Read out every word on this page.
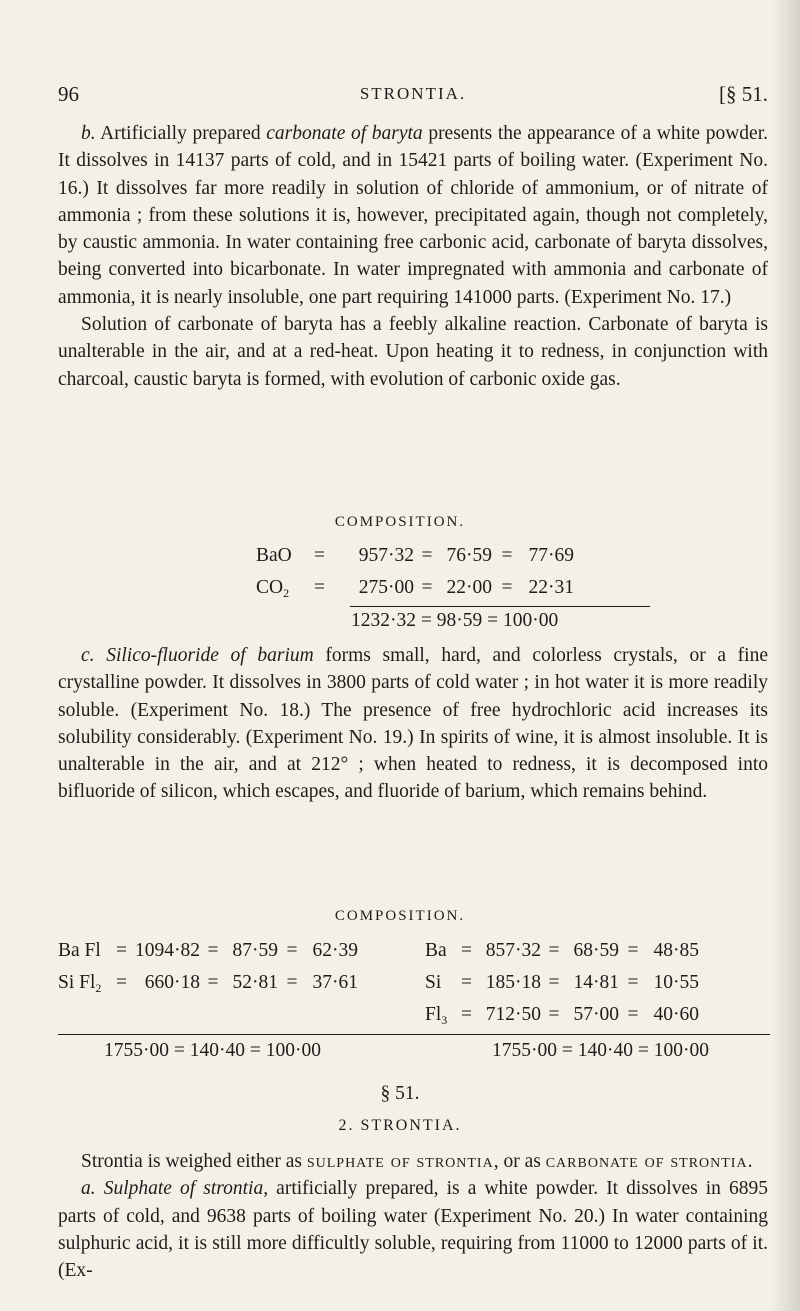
96	STRONTIA.	[§ 51.

b. Artificially prepared carbonate of baryta presents the appearance of a white powder. It dissolves in 14137 parts of cold, and in 15421 parts of boiling water. (Experiment No. 16.) It dissolves far more readily in solution of chloride of ammonium, or of nitrate of ammonia ; from these solutions it is, however, precipitated again, though not completely, by caustic ammonia. In water containing free carbonic acid, carbonate of baryta dissolves, being converted into bicarbonate. In water impregnated with ammonia and carbonate of ammonia, it is nearly insoluble, one part requiring 141000 parts. (Experiment No. 17.)

Solution of carbonate of baryta has a feebly alkaline reaction. Carbonate of baryta is unalterable in the air, and at a red-heat. Upon heating it to redness, in conjunction with charcoal, caustic baryta is formed, with evolution of carbonic oxide gas.

COMPOSITION.
BaO	=	957·32	=	76·59	=	77·69
$CO_2$	=	275·00	=	22·00	=	22·31
1232·32 = 98·59 = 100·00

c. Silico-fluoride of barium forms small, hard, and colorless crystals, or a fine crystalline powder. It dissolves in 3800 parts of cold water ; in hot water it is more readily soluble. (Experiment No. 18.) The presence of free hydrochloric acid increases its solubility considerably. (Experiment No. 19.) In spirits of wine, it is almost insoluble. It is unalterable in the air, and at 212° ; when heated to redness, it is decomposed into bifluoride of silicon, which escapes, and fluoride of barium, which remains behind.

COMPOSITION.
Ba Fl	=	1094·82	=	87·59	=	62·39
Si $Fl_2$	=	660·18	=	52·81	=	37·61
Ba	=	857·32	=	68·59	=	48·85
Si	=	185·18	=	14·81	=	10·55
$Fl_3$	=	712·50	=	57·00	=	40·60
1755·00 = 140·40 = 100·00	1755·00 = 140·40 = 100·00
§ 51.
2. STRONTIA.

Strontia is weighed either as sulphate of strontia, or as carbonate of strontia.

a. Sulphate of strontia, artificially prepared, is a white powder. It dissolves in 6895 parts of cold, and 9638 parts of boiling water (Experiment No. 20.) In water containing sulphuric acid, it is still more difficultly soluble, requiring from 11000 to 12000 parts of it. (Ex-
